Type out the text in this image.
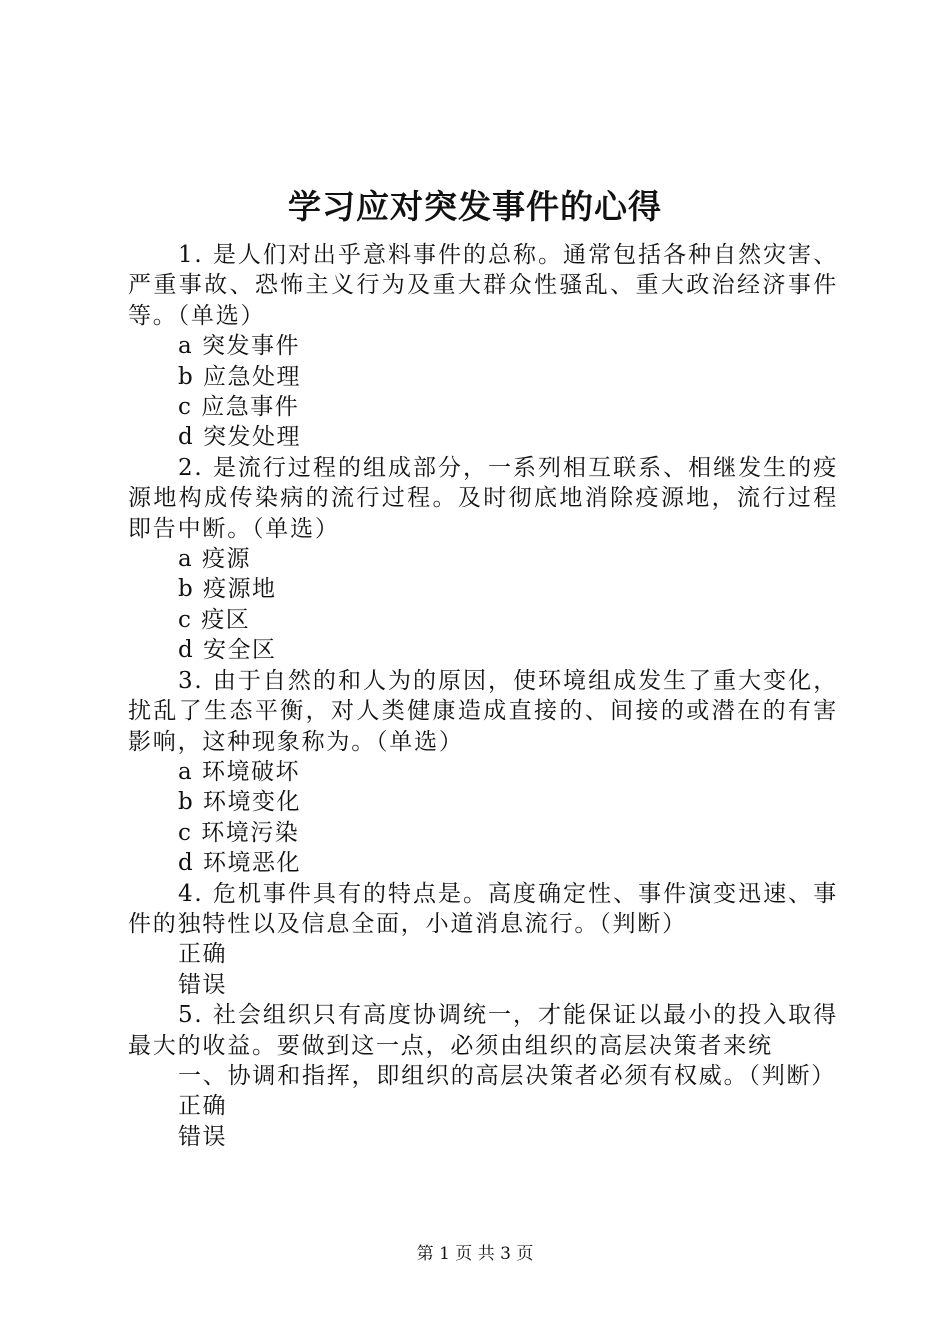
学习应对突发事件的心得
1. 是人们对出乎意料事件的总称。通常包括各种自然灾害、严重事故、恐怖主义行为及重大群众性骚乱、重大政治经济事件等。（单选）
a 突发事件
b 应急处理
c 应急事件
d 突发处理
2. 是流行过程的组成部分，一系列相互联系、相继发生的疫源地构成传染病的流行过程。及时彻底地消除疫源地，流行过程即告中断。（单选）
a 疫源
b 疫源地
c 疫区
d 安全区
3. 由于自然的和人为的原因，使环境组成发生了重大变化，扰乱了生态平衡，对人类健康造成直接的、间接的或潜在的有害影响，这种现象称为。（单选）
a 环境破坏
b 环境变化
c 环境污染
d 环境恶化
4. 危机事件具有的特点是。高度确定性、事件演变迅速、事件的独特性以及信息全面，小道消息流行。（判断）
正确
错误
5. 社会组织只有高度协调统一，才能保证以最小的投入取得最大的收益。要做到这一点，必须由组织的高层决策者来统
一、协调和指挥，即组织的高层决策者必须有权威。（判断）
正确
错误
第 1 页 共 3 页
